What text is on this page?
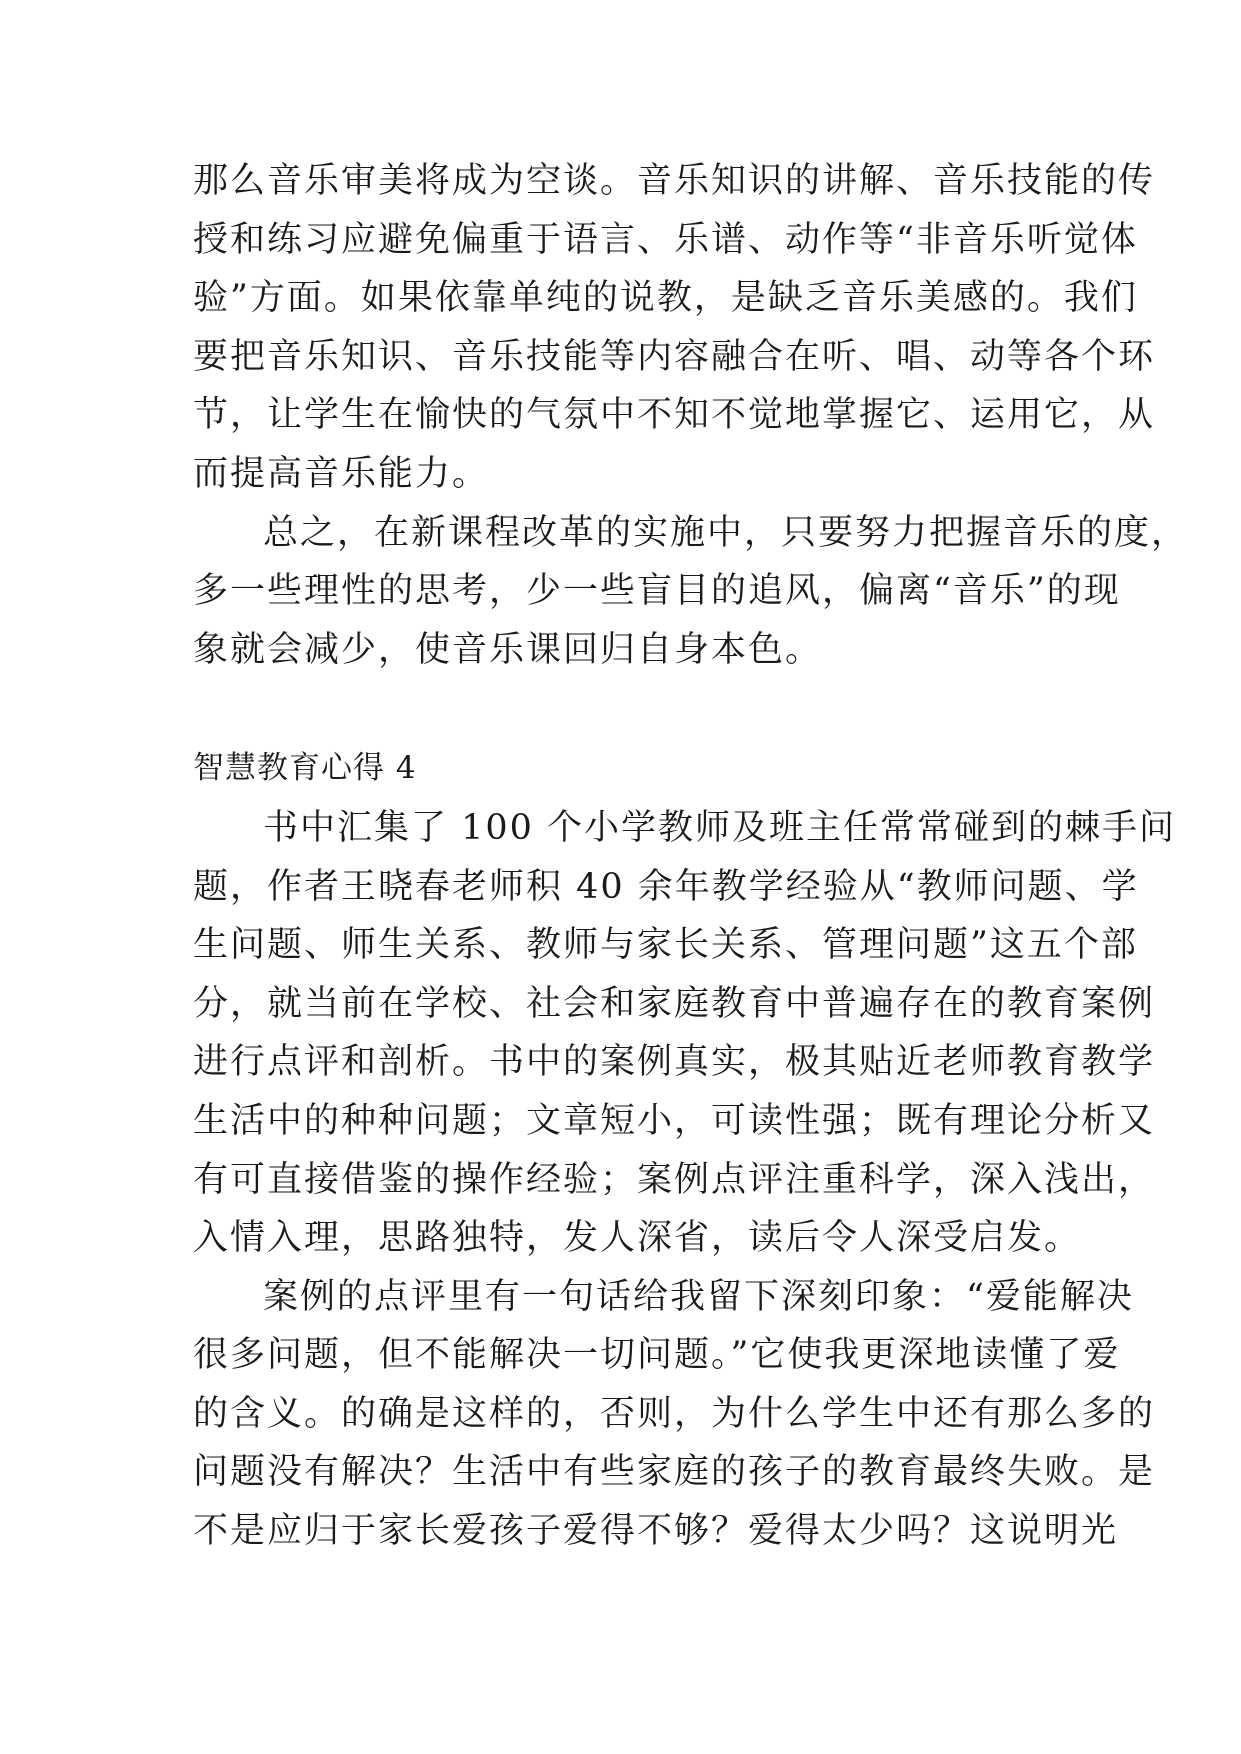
那么音乐审美将成为空谈。音乐知识的讲解、音乐技能的传
授和练习应避免偏重于语言、乐谱、动作等“非音乐听觉体
验”方面。如果依靠单纯的说教，是缺乏音乐美感的。我们
要把音乐知识、音乐技能等内容融合在听、唱、动等各个环
节，让学生在愉快的气氛中不知不觉地掌握它、运用它，从
而提高音乐能力。
总之，在新课程改革的实施中，只要努力把握音乐的度，
多一些理性的思考，少一些盲目的追风，偏离“音乐”的现
象就会减少，使音乐课回归自身本色。
智慧教育心得 4
书中汇集了 100 个小学教师及班主任常常碰到的棘手问
题，作者王晓春老师积 40 余年教学经验从“教师问题、学
生问题、师生关系、教师与家长关系、管理问题”这五个部
分，就当前在学校、社会和家庭教育中普遍存在的教育案例
进行点评和剖析。书中的案例真实，极其贴近老师教育教学
生活中的种种问题；文章短小，可读性强；既有理论分析又
有可直接借鉴的操作经验；案例点评注重科学，深入浅出，
入情入理，思路独特，发人深省，读后令人深受启发。
案例的点评里有一句话给我留下深刻印象：“爱能解决
很多问题，但不能解决一切问题。”它使我更深地读懂了爱
的含义。的确是这样的，否则，为什么学生中还有那么多的
问题没有解决？生活中有些家庭的孩子的教育最终失败。是
不是应归于家长爱孩子爱得不够？爱得太少吗？这说明光
